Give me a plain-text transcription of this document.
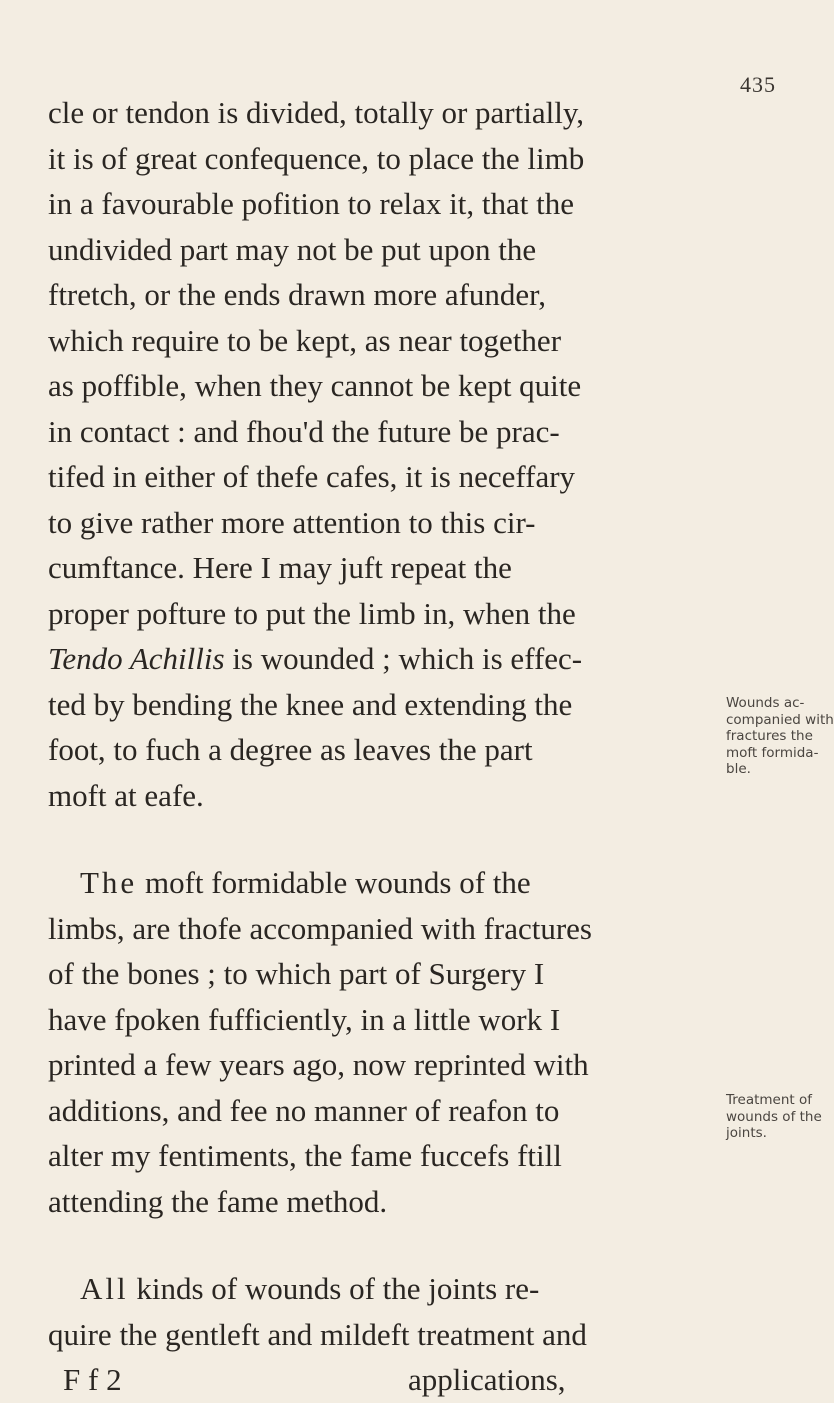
435
cle or tendon is divided, totally or partially,
it is of great confequence, to place the limb
in a favourable pofition to relax it, that the
undivided part may not be put upon the
ftretch, or the ends drawn more afunder,
which require to be kept, as near together
as poffible, when they cannot be kept quite
in contact : and fhou'd the future be prac-
tifed in either of thefe cafes, it is neceffary
to give rather more attention to this cir-
cumftance. Here I may juft repeat the
proper pofture to put the limb in, when the
Tendo Achillis is wounded ; which is effec-
ted by bending the knee and extending the
foot, to fuch a degree as leaves the part
moft at eafe.
The moft formidable wounds of the
limbs, are thofe accompanied with fractures
of the bones ; to which part of Surgery I
have fpoken fufficiently, in a little work I
printed a few years ago, now reprinted with
additions, and fee no manner of reafon to
alter my fentiments, the fame fuccefs ftill
attending the fame method.
All kinds of wounds of the joints re-
quire the gentleft and mildeft treatment and
F f 2	applications,
Wounds ac-
companied with
fractures the
moft formida-
ble.
Treatment of
wounds of the
joints.
